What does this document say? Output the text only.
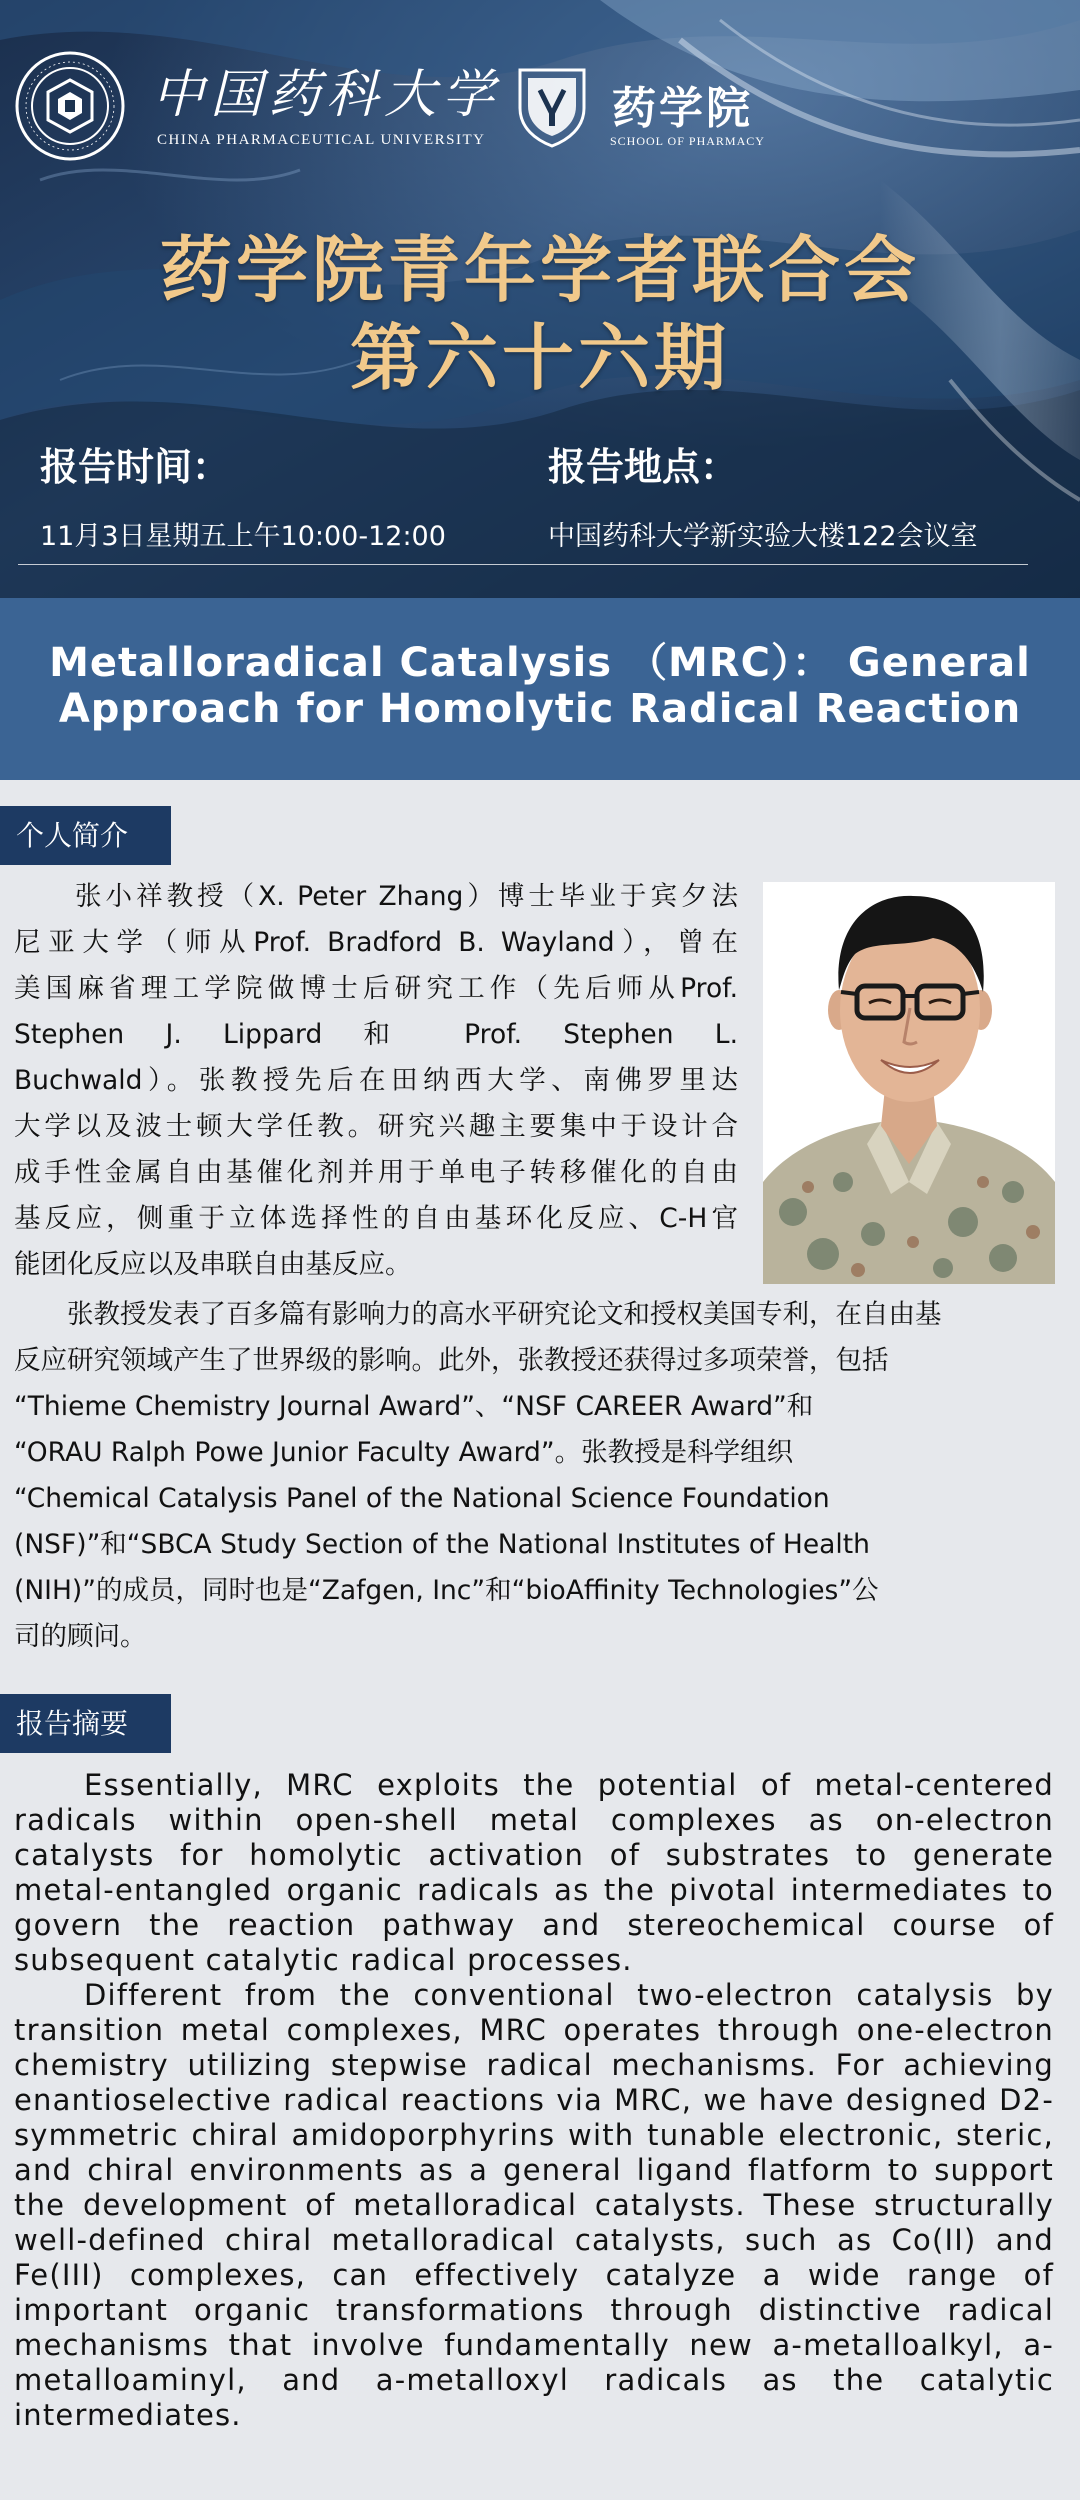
中国药科大学
CHINA PHARMACEUTICAL UNIVERSITY
药学院
SCHOOL OF PHARMACY
药学院青年学者联合会
第六十六期
报告时间：	报告地点：
11月3日星期五上午10:00-12:00	中国药科大学新实验大楼122会议室
Metalloradical Catalysis （MRC）： General
Approach for Homolytic Radical Reaction
个人简介
　　张小祥教授（X. Peter Zhang）博士毕业于宾夕法
尼亚大学（师从Prof. Bradford B. Wayland），曾在
美国麻省理工学院做博士后研究工作（先后师从Prof.
Stephen J. Lippard 和 Prof. Stephen L.
Buchwald）。张教授先后在田纳西大学、南佛罗里达
大学以及波士顿大学任教。研究兴趣主要集中于设计合
成手性金属自由基催化剂并用于单电子转移催化的自由
基反应，侧重于立体选择性的自由基环化反应、C-H官
能团化反应以及串联自由基反应。
　　张教授发表了百多篇有影响力的高水平研究论文和授权美国专利，在自由基
反应研究领域产生了世界级的影响。此外，张教授还获得过多项荣誉，包括
“Thieme Chemistry Journal Award”、“NSF CAREER Award”和
“ORAU Ralph Powe Junior Faculty Award”。张教授是科学组织
“Chemical Catalysis Panel of the National Science Foundation
(NSF)”和“SBCA Study Section of the National Institutes of Health
(NIH)”的成员，同时也是“Zafgen, Inc”和“bioAffinity Technologies”公
司的顾问。
报告摘要

Essentially, MRC exploits the potential of metal-centered radicals within open-shell metal complexes as on-electron catalysts for homolytic activation of substrates to generate metal-entangled organic radicals as the pivotal intermediates to govern the reaction pathway and stereochemical course of subsequent catalytic radical processes.

Different from the conventional two-electron catalysis by transition metal complexes, MRC operates through one-electron chemistry utilizing stepwise radical mechanisms. For achieving enantioselective radical reactions via MRC, we have designed D2-symmetric chiral amidoporphyrins with tunable electronic, steric, and chiral environments as a general ligand flatform to support the development of metalloradical catalysts. These structurally well-defined chiral metalloradical catalysts, such as Co(II) and Fe(III) complexes, can effectively catalyze a wide range of important organic transformations through distinctive radical mechanisms that involve fundamentally new a-metalloalkyl, a-metalloaminyl, and a-metalloxyl radicals as the catalytic intermediates.
